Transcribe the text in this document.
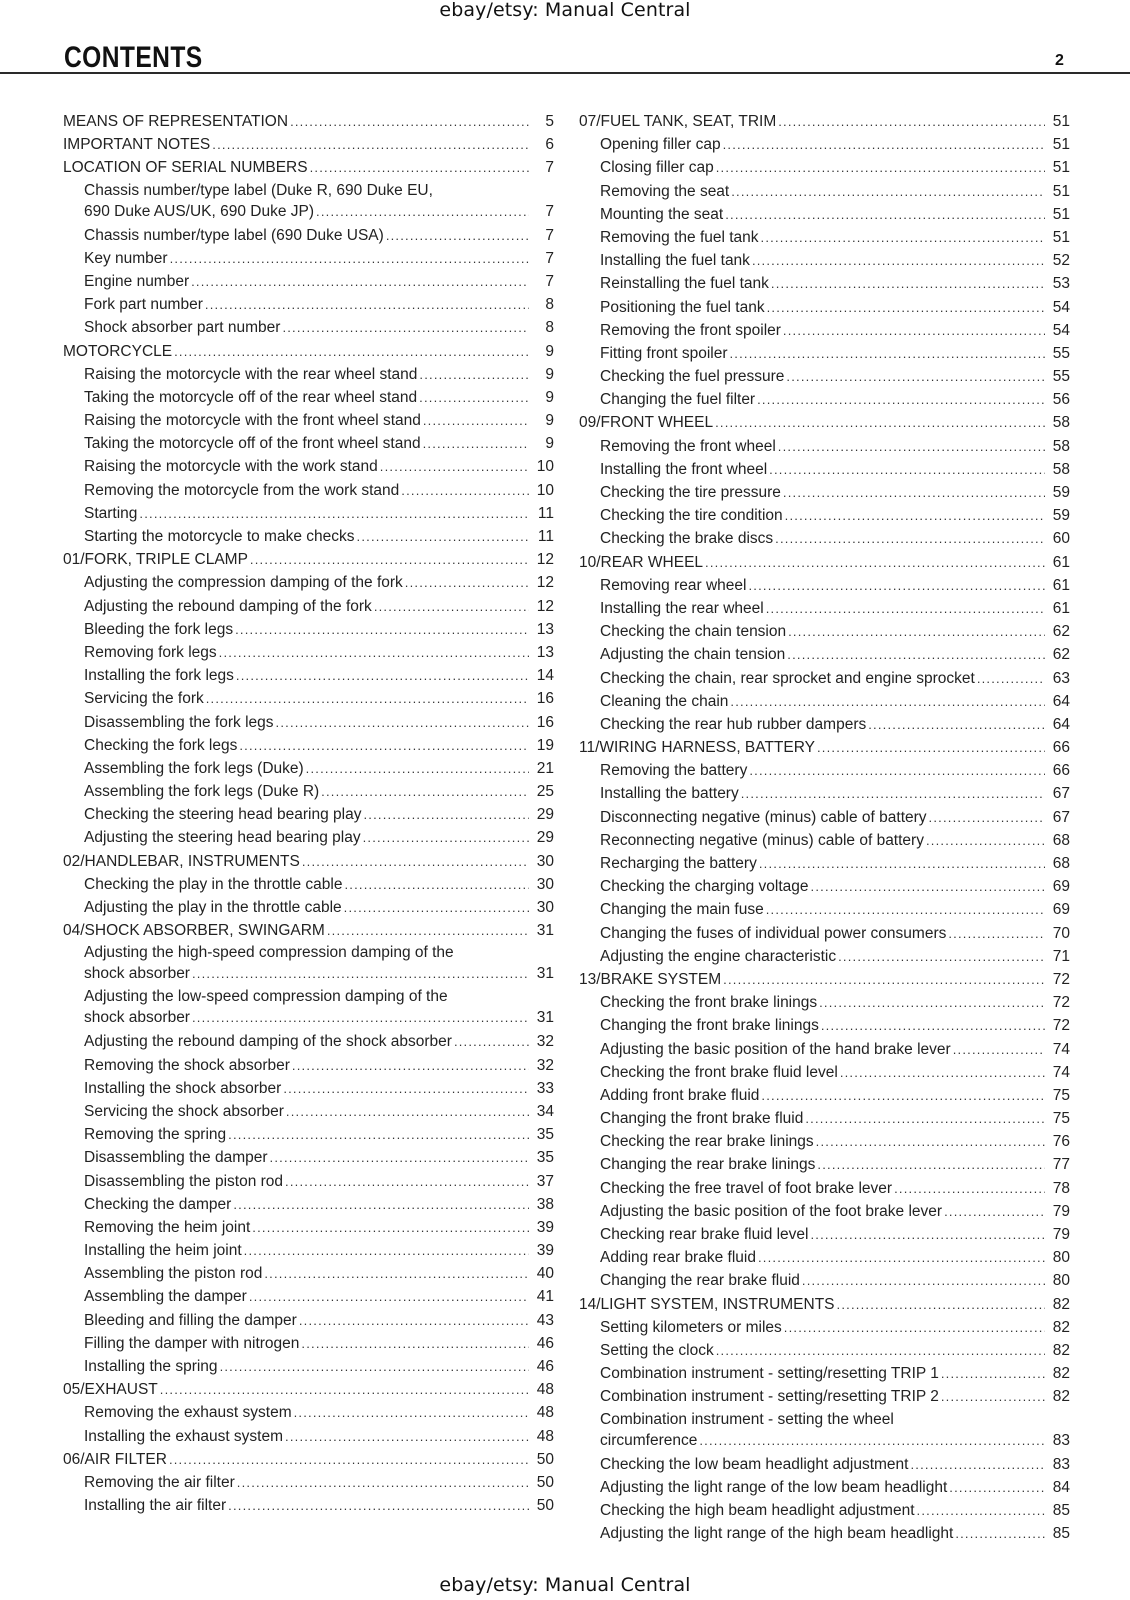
ebay/etsy: Manual Central
CONTENTS	2
MEANS OF REPRESENTATION .....	5
IMPORTANT NOTES .....	6
LOCATION OF SERIAL NUMBERS .....	7
Chassis number/type label (Duke R, 690 Duke EU,
690 Duke AUS/UK, 690 Duke JP) .....	7
Chassis number/type label (690 Duke USA) .....	7
Key number .....	7
Engine number .....	7
Fork part number .....	8
Shock absorber part number .....	8
MOTORCYCLE .....	9
Raising the motorcycle with the rear wheel stand .....	9
Taking the motorcycle off of the rear wheel stand .....	9
Raising the motorcycle with the front wheel stand .....	9
Taking the motorcycle off of the front wheel stand .....	9
Raising the motorcycle with the work stand .....	10
Removing the motorcycle from the work stand .....	10
Starting .....	11
Starting the motorcycle to make checks .....	11
01/FORK, TRIPLE CLAMP .....	12
Adjusting the compression damping of the fork .....	12
Adjusting the rebound damping of the fork .....	12
Bleeding the fork legs .....	13
Removing fork legs .....	13
Installing the fork legs .....	14
Servicing the fork .....	16
Disassembling the fork legs .....	16
Checking the fork legs .....	19
Assembling the fork legs (Duke) .....	21
Assembling the fork legs (Duke R) .....	25
Checking the steering head bearing play .....	29
Adjusting the steering head bearing play .....	29
02/HANDLEBAR, INSTRUMENTS .....	30
Checking the play in the throttle cable .....	30
Adjusting the play in the throttle cable .....	30
04/SHOCK ABSORBER, SWINGARM .....	31
Adjusting the high-speed compression damping of the
shock absorber .....	31
Adjusting the low-speed compression damping of the
shock absorber .....	31
Adjusting the rebound damping of the shock absorber .....	32
Removing the shock absorber .....	32
Installing the shock absorber .....	33
Servicing the shock absorber .....	34
Removing the spring .....	35
Disassembling the damper .....	35
Disassembling the piston rod .....	37
Checking the damper .....	38
Removing the heim joint .....	39
Installing the heim joint .....	39
Assembling the piston rod .....	40
Assembling the damper .....	41
Bleeding and filling the damper .....	43
Filling the damper with nitrogen .....	46
Installing the spring .....	46
05/EXHAUST .....	48
Removing the exhaust system .....	48
Installing the exhaust system .....	48
06/AIR FILTER .....	50
Removing the air filter .....	50
Installing the air filter .....	50
07/FUEL TANK, SEAT, TRIM .....	51
Opening filler cap .....	51
Closing filler cap .....	51
Removing the seat .....	51
Mounting the seat .....	51
Removing the fuel tank .....	51
Installing the fuel tank .....	52
Reinstalling the fuel tank .....	53
Positioning the fuel tank .....	54
Removing the front spoiler .....	54
Fitting front spoiler .....	55
Checking the fuel pressure .....	55
Changing the fuel filter .....	56
09/FRONT WHEEL .....	58
Removing the front wheel .....	58
Installing the front wheel .....	58
Checking the tire pressure .....	59
Checking the tire condition .....	59
Checking the brake discs .....	60
10/REAR WHEEL .....	61
Removing rear wheel .....	61
Installing the rear wheel .....	61
Checking the chain tension .....	62
Adjusting the chain tension .....	62
Checking the chain, rear sprocket and engine sprocket .....	63
Cleaning the chain .....	64
Checking the rear hub rubber dampers .....	64
11/WIRING HARNESS, BATTERY .....	66
Removing the battery .....	66
Installing the battery .....	67
Disconnecting negative (minus) cable of battery .....	67
Reconnecting negative (minus) cable of battery .....	68
Recharging the battery .....	68
Checking the charging voltage .....	69
Changing the main fuse .....	69
Changing the fuses of individual power consumers .....	70
Adjusting the engine characteristic .....	71
13/BRAKE SYSTEM .....	72
Checking the front brake linings .....	72
Changing the front brake linings .....	72
Adjusting the basic position of the hand brake lever .....	74
Checking the front brake fluid level .....	74
Adding front brake fluid .....	75
Changing the front brake fluid .....	75
Checking the rear brake linings .....	76
Changing the rear brake linings .....	77
Checking the free travel of foot brake lever .....	78
Adjusting the basic position of the foot brake lever .....	79
Checking rear brake fluid level .....	79
Adding rear brake fluid .....	80
Changing the rear brake fluid .....	80
14/LIGHT SYSTEM, INSTRUMENTS .....	82
Setting kilometers or miles .....	82
Setting the clock .....	82
Combination instrument - setting/resetting TRIP 1 .....	82
Combination instrument - setting/resetting TRIP 2 .....	82
Combination instrument - setting the wheel
circumference .....	83
Checking the low beam headlight adjustment .....	83
Adjusting the light range of the low beam headlight .....	84
Checking the high beam headlight adjustment .....	85
Adjusting the light range of the high beam headlight .....	85
ebay/etsy: Manual Central
